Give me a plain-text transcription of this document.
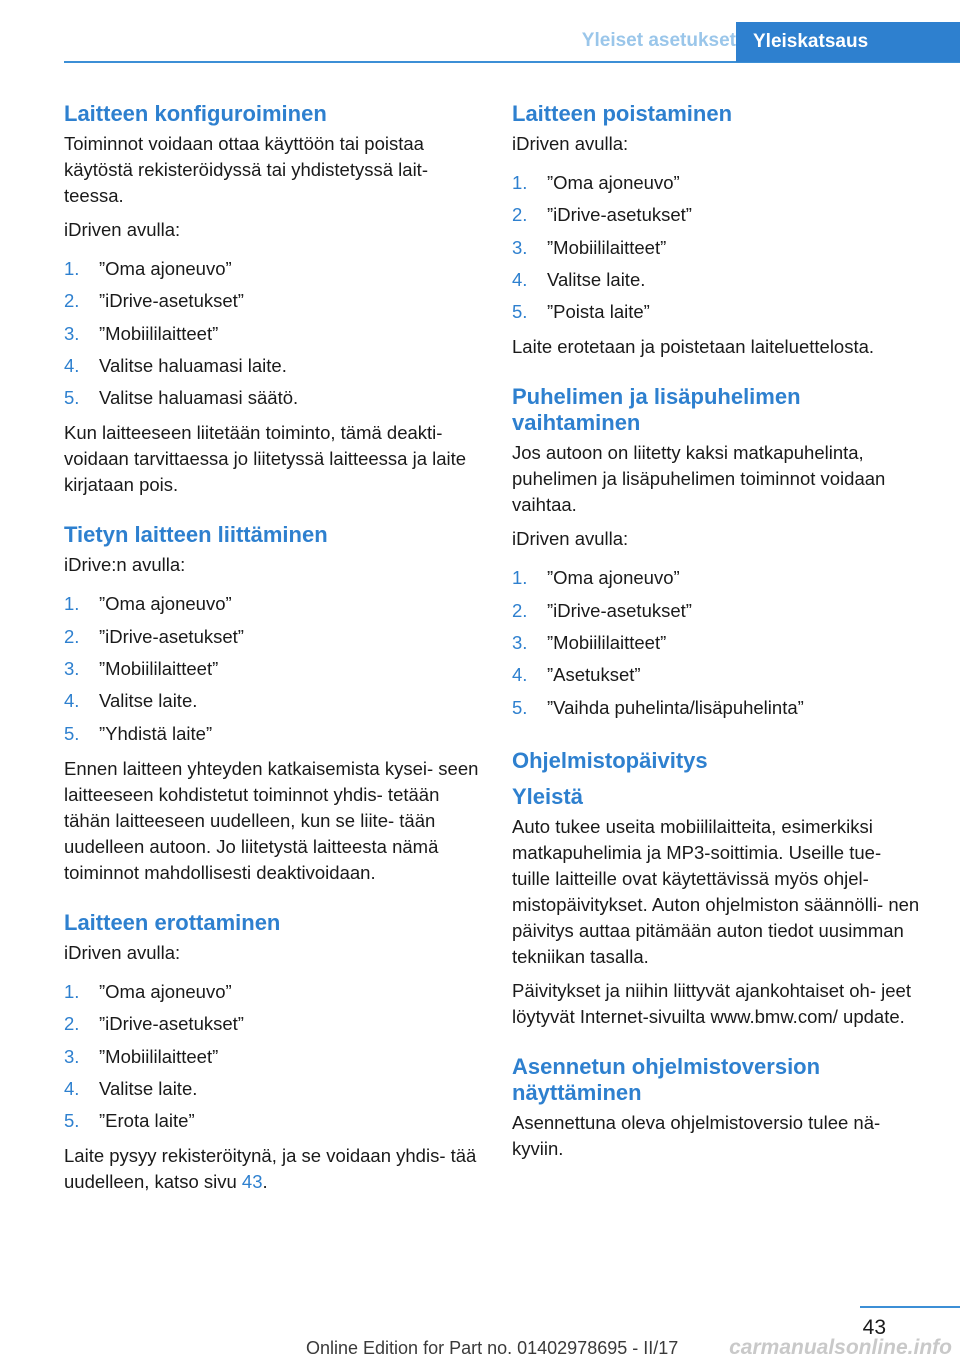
Yleiset asetukset Yleiskatsaus
Laitteen konfiguroiminen

Toiminnot voidaan ottaa käyttöön tai poistaa käytöstä rekisteröidyssä tai yhdistetyssä lait‐ teessa.

iDriven avulla:

1. ”Oma ajoneuvo”
2. ”iDrive-asetukset”
3. ”Mobiililaitteet”
4. Valitse haluamasi laite.
5. Valitse haluamasi säätö.

Kun laitteeseen liitetään toiminto, tämä deakti‐ voidaan tarvittaessa jo liitetyssä laitteessa ja laite kirjataan pois.

Tietyn laitteen liittäminen

iDrive:n avulla:

1. ”Oma ajoneuvo”
2. ”iDrive-asetukset”
3. ”Mobiililaitteet”
4. Valitse laite.
5. ”Yhdistä laite”

Ennen laitteen yhteyden katkaisemista kysei‐ seen laitteeseen kohdistetut toiminnot yhdis‐ tetään tähän laitteeseen uudelleen, kun se liite‐ tään uudelleen autoon. Jo liitetystä laitteesta nämä toiminnot mahdollisesti deaktivoidaan.

Laitteen erottaminen

iDriven avulla:

1. ”Oma ajoneuvo”
2. ”iDrive-asetukset”
3. ”Mobiililaitteet”
4. Valitse laite.
5. ”Erota laite”

Laite pysyy rekisteröitynä, ja se voidaan yhdis‐ tää uudelleen, katso sivu 43.

Laitteen poistaminen

iDriven avulla:

1. ”Oma ajoneuvo”
2. ”iDrive-asetukset”
3. ”Mobiililaitteet”
4. Valitse laite.
5. ”Poista laite”

Laite erotetaan ja poistetaan laiteluettelosta.

Puhelimen ja lisäpuhelimen vaihtaminen

Jos autoon on liitetty kaksi matkapuhelinta, puhelimen ja lisäpuhelimen toiminnot voidaan vaihtaa.

iDriven avulla:

1. ”Oma ajoneuvo”
2. ”iDrive-asetukset”
3. ”Mobiililaitteet”
4. ”Asetukset”
5. ”Vaihda puhelinta/lisäpuhelinta”
Ohjelmistopäivitys
Yleistä

Auto tukee useita mobiililaitteita, esimerkiksi matkapuhelimia ja MP3-soittimia. Useille tue‐ tuille laitteille ovat käytettävissä myös ohjel‐ mistopäivitykset. Auton ohjelmiston säännölli‐ nen päivitys auttaa pitämään auton tiedot uusimman tekniikan tasalla.

Päivitykset ja niihin liittyvät ajankohtaiset oh‐ jeet löytyvät Internet-sivuilta www.bmw.com/ update.

Asennetun ohjelmistoversion näyttäminen

Asennettuna oleva ohjelmistoversio tulee nä‐ kyviin.

43
Online Edition for Part no. 01402978695 - II/17 carmanualsonline.info
